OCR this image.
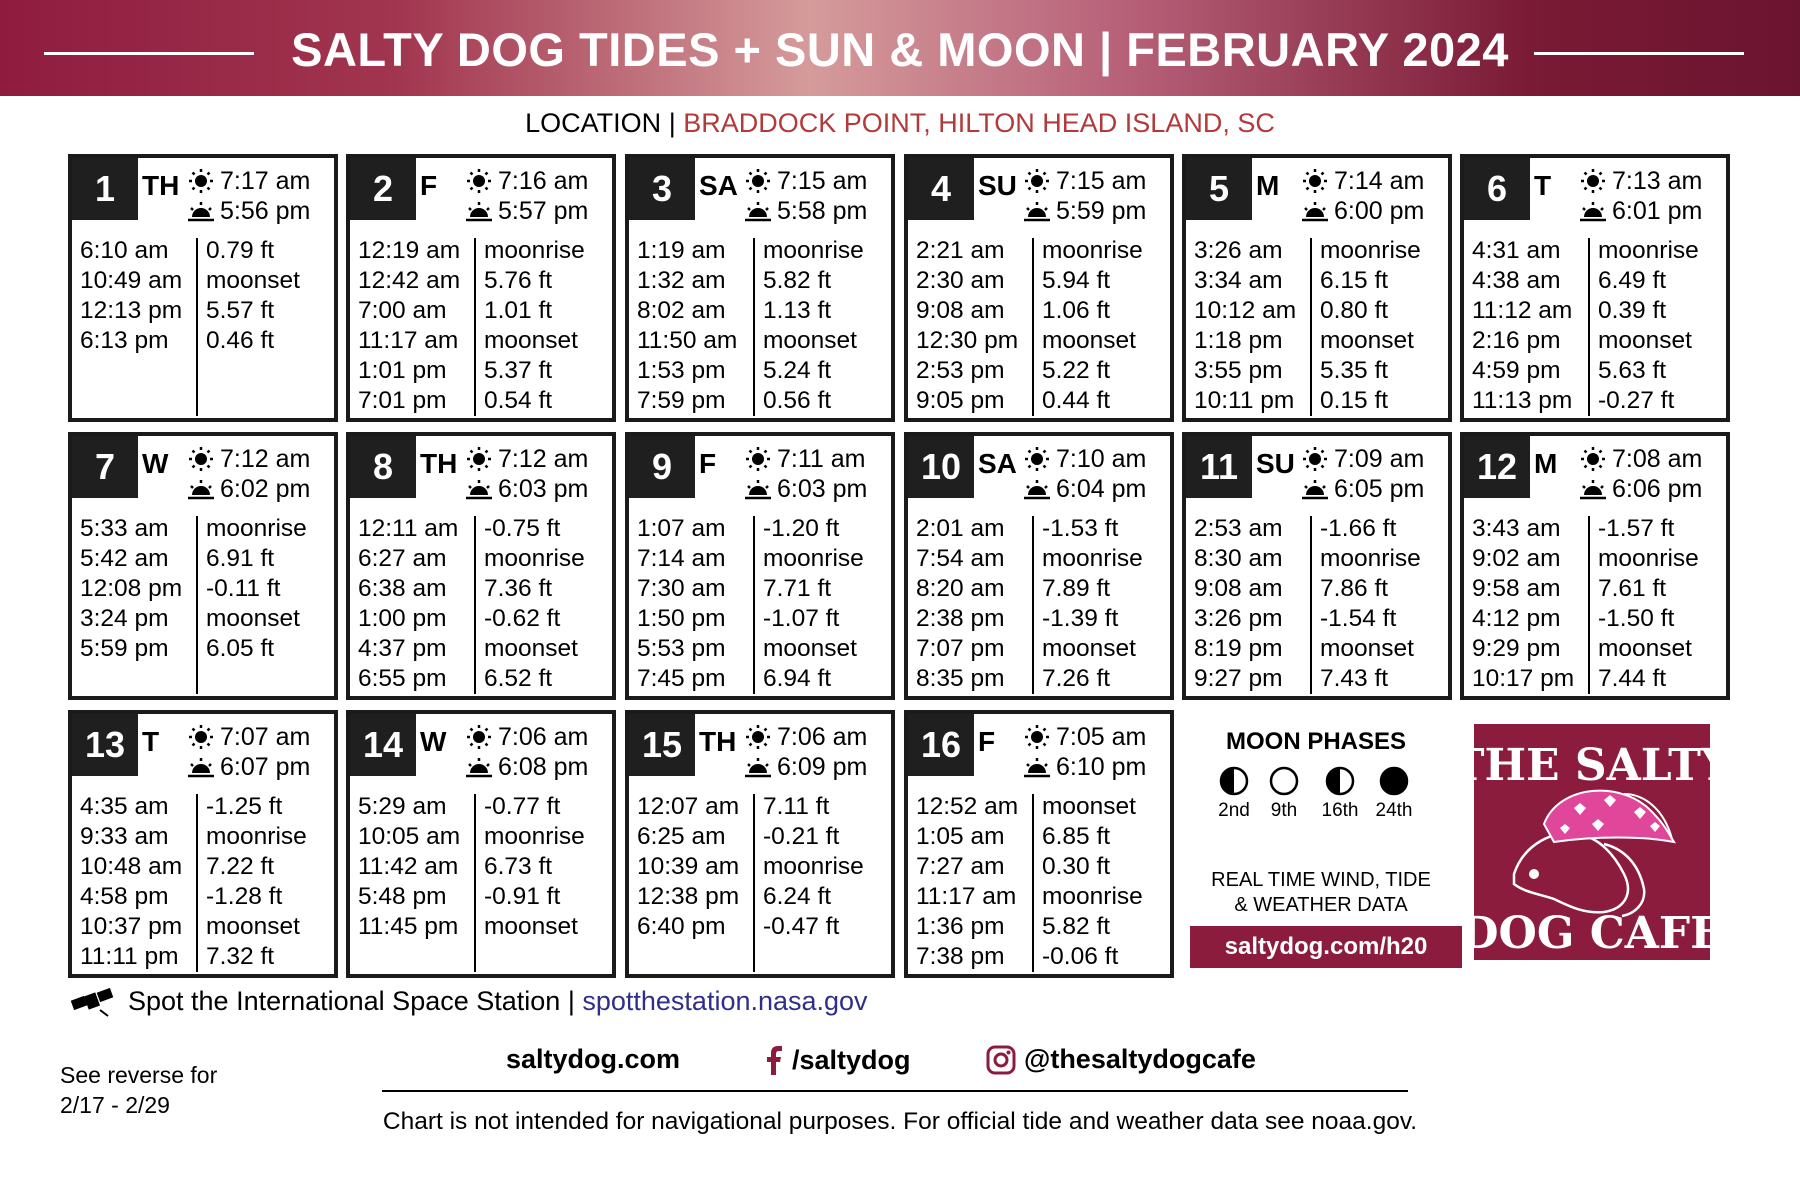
SALTY DOG TIDES + SUN & MOON | FEBRUARY 2024
LOCATION | BRADDOCK POINT, HILTON HEAD ISLAND, SC
1 TH 7:17 am
5:56 pm
6:10 am	0.79 ft
10:49 am moonset
12:13 pm 5.57 ft
6:13 pm	0.46 ft
2 F 7:16 am
5:57 pm
12:19 am moonrise
12:42 am 5.76 ft
7:00 am	1.01 ft
11:17 am	moonset
1:01 pm	5.37 ft
7:01 pm	0.54 ft
3 SA 7:15 am
5:58 pm
1:19 am	moonrise
1:32 am	5.82 ft
8:02 am	1.13 ft
11:50 am	moonset
1:53 pm	5.24 ft
7:59 pm	0.56 ft
4 SU 7:15 am
5:59 pm
2:21 am	moonrise
2:30 am	5.94 ft
9:08 am	1.06 ft
12:30 pm moonset
2:53 pm	5.22 ft
9:05 pm	0.44 ft
5 M 7:14 am
6:00 pm
3:26 am	moonrise
3:34 am	6.15 ft
10:12 am 0.80 ft
1:18 pm	moonset
3:55 pm	5.35 ft
10:11 pm	0.15 ft
6 T 7:13 am
6:01 pm
4:31 am	moonrise
4:38 am	6.49 ft
11:12 am	0.39 ft
2:16 pm	moonset
4:59 pm	5.63 ft
11:13 pm	-0.27 ft
7 W 7:12 am
6:02 pm
5:33 am	moonrise
5:42 am	6.91 ft
12:08 pm -0.11 ft
3:24 pm	moonset
5:59 pm	6.05 ft
8 TH 7:12 am
6:03 pm
12:11 am	-0.75 ft
6:27 am	moonrise
6:38 am	7.36 ft
1:00 pm	-0.62 ft
4:37 pm	moonset
6:55 pm	6.52 ft
9 F 7:11 am
6:03 pm
1:07 am	-1.20 ft
7:14 am	moonrise
7:30 am	7.71 ft
1:50 pm	-1.07 ft
5:53 pm	moonset
7:45 pm	6.94 ft
10 SA 7:10 am
6:04 pm
2:01 am	-1.53 ft
7:54 am	moonrise
8:20 am	7.89 ft
2:38 pm	-1.39 ft
7:07 pm	moonset
8:35 pm	7.26 ft
11 SU 7:09 am
6:05 pm
2:53 am	-1.66 ft
8:30 am	moonrise
9:08 am	7.86 ft
3:26 pm	-1.54 ft
8:19 pm	moonset
9:27 pm	7.43 ft
12 M 7:08 am
6:06 pm
3:43 am	-1.57 ft
9:02 am	moonrise
9:58 am	7.61 ft
4:12 pm	-1.50 ft
9:29 pm	moonset
10:17 pm 7.44 ft
13 T 7:07 am
6:07 pm
4:35 am	-1.25 ft
9:33 am	moonrise
10:48 am 7.22 ft
4:58 pm	-1.28 ft
10:37 pm moonset
11:11 pm	7.32 ft
14 W 7:06 am
6:08 pm
5:29 am	-0.77 ft
10:05 am moonrise
11:42 am	6.73 ft
5:48 pm	-0.91 ft
11:45 pm	moonset
15 TH 7:06 am
6:09 pm
12:07 am 7.11 ft
6:25 am	-0.21 ft
10:39 am moonrise
12:38 pm 6.24 ft
6:40 pm	-0.47 ft
16 F 7:05 am
6:10 pm
12:52 am moonset
1:05 am	6.85 ft
7:27 am	0.30 ft
11:17 am	moonrise
1:36 pm	5.82 ft
7:38 pm	-0.06 ft
MOON PHASES
2nd	9th	16th 24th
REAL TIME WIND, TIDE
& WEATHER DATA
saltydog.com/h20
THE SALTY
DOG CAFE
Spot the International Space Station
|
spotthestation.nasa.gov
See reverse for
2/17 - 2/29
saltydog.com	/saltydog	@thesaltydogcafe
Chart is not intended for navigational purposes. For official tide and weather data see noaa.gov.
